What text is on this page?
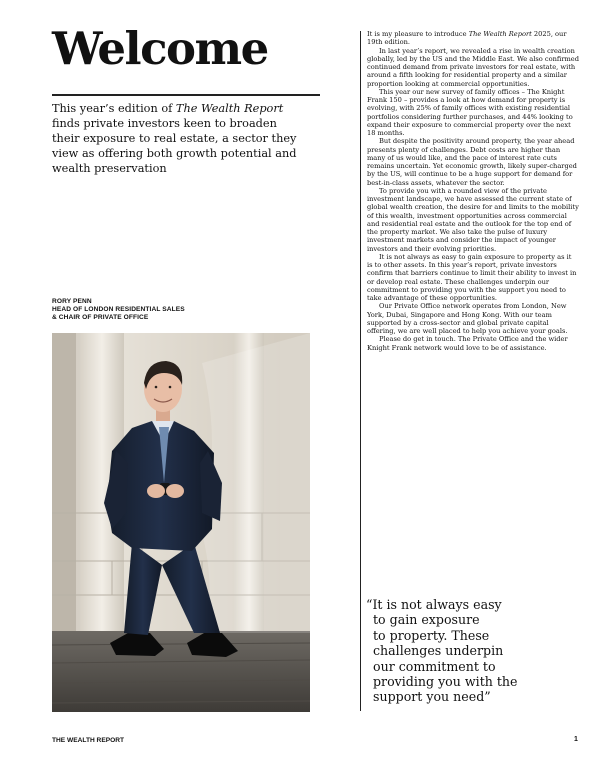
Welcome
This year’s edition of The Wealth Report finds private investors keen to broaden their exposure to real estate, a sector they view as offering both growth potential and wealth preservation
RORY PENN
HEAD OF LONDON RESIDENTIAL SALES
& CHAIR OF PRIVATE OFFICE

It is my pleasure to introduce The Wealth Report 2025, our 19th edition.

In last year’s report, we revealed a rise in wealth creation globally, led by the US and the Middle East. We also confirmed continued demand from private investors for real estate, with around a fifth looking for residential property and a similar proportion looking at commercial opportunities.

This year our new survey of family offices – The Knight Frank 150 – provides a look at how demand for property is evolving, with 25% of family offices with existing residential portfolios considering further purchases, and 44% looking to expand their exposure to commercial property over the next 18 months.

But despite the positivity around property, the year ahead presents plenty of challenges. Debt costs are higher than many of us would like, and the pace of interest rate cuts remains uncertain. Yet economic growth, likely super-charged by the US, will continue to be a huge support for demand for best-in-class assets, whatever the sector.

To provide you with a rounded view of the private investment landscape, we have assessed the current state of global wealth creation, the desire for and limits to the mobility of this wealth, investment opportunities across commercial and residential real estate and the outlook for the top end of the property market. We also take the pulse of luxury investment markets and consider the impact of younger investors and their evolving priorities.

It is not always as easy to gain exposure to property as it is to other assets. In this year’s report, private investors confirm that barriers continue to limit their ability to invest in or develop real estate. These challenges underpin our commitment to providing you with the support you need to take advantage of these opportunities.

Our Private Office network operates from London, New York, Dubai, Singapore and Hong Kong. With our team supported by a cross-sector and global private capital offering, we are well placed to help you achieve your goals.

Please do get in touch. The Private Office and the wider Knight Frank network would love to be of assistance.

“It is not always easy
to gain exposure
to property. These
challenges underpin
our commitment to
providing you with the
support you need”
THE WEALTH REPORT	1
